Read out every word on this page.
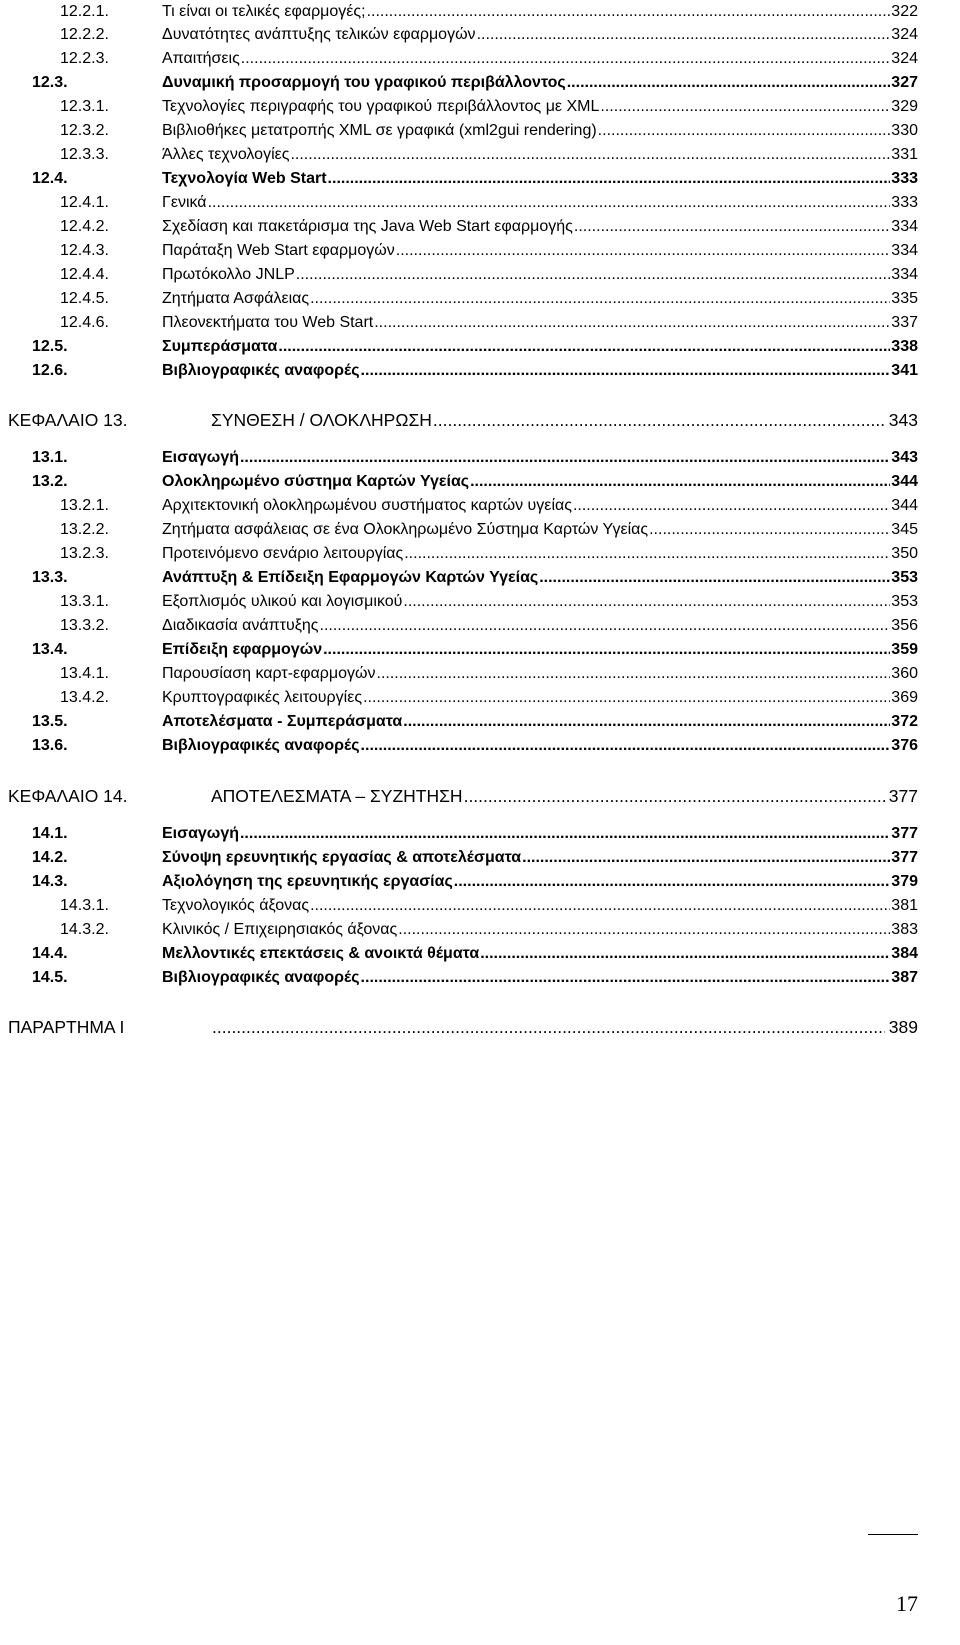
12.2.1.	Τι είναι οι τελικές εφαρμογές; .....	322
12.2.2.	Δυνατότητες ανάπτυξης τελικών εφαρμογών .....	324
12.2.3.	Απαιτήσεις .....	324
12.3.	Δυναμική προσαρμογή του γραφικού περιβάλλοντος .....	327
12.3.1.	Τεχνολογίες περιγραφής του γραφικού περιβάλλοντος με XML .....	329
12.3.2.	Βιβλιοθήκες μετατροπής XML σε γραφικά (xml2gui rendering) .....	330
12.3.3.	Άλλες τεχνολογίες .....	331
12.4.	Τεχνολογία Web Start .....	333
12.4.1.	Γενικά .....	333
12.4.2.	Σχεδίαση και πακετάρισμα της Java Web Start εφαρμογής .....	334
12.4.3.	Παράταξη Web Start εφαρμογών .....	334
12.4.4.	Πρωτόκολλο JNLP .....	334
12.4.5.	Ζητήματα Ασφάλειας .....	335
12.4.6.	Πλεονεκτήματα του Web Start .....	337
12.5.	Συμπεράσματα .....	338
12.6.	Βιβλιογραφικές αναφορές .....	341
ΚΕΦΑΛΑΙΟ 13.	ΣΥΝΘΕΣΗ / ΟΛΟΚΛΗΡΩΣΗ .....	343
13.1.	Εισαγωγή .....	343
13.2.	Ολοκληρωμένο σύστημα Καρτών Υγείας .....	344
13.2.1.	Αρχιτεκτονική ολοκληρωμένου συστήματος καρτών υγείας .....	344
13.2.2.	Ζητήματα ασφάλειας σε ένα Ολοκληρωμένο Σύστημα Καρτών Υγείας .....	345
13.2.3.	Προτεινόμενο σενάριο λειτουργίας .....	350
13.3.	Ανάπτυξη & Επίδειξη Εφαρμογών Καρτών Υγείας .....	353
13.3.1.	Εξοπλισμός υλικού και λογισμικού .....	353
13.3.2.	Διαδικασία ανάπτυξης .....	356
13.4.	Επίδειξη εφαρμογών .....	359
13.4.1.	Παρουσίαση καρτ-εφαρμογών .....	360
13.4.2.	Κρυπτογραφικές λειτουργίες .....	369
13.5.	Αποτελέσματα - Συμπεράσματα .....	372
13.6.	Βιβλιογραφικές αναφορές .....	376
ΚΕΦΑΛΑΙΟ 14.	ΑΠΟΤΕΛΕΣΜΑΤΑ – ΣΥΖΗΤΗΣΗ .....	377
14.1.	Εισαγωγή .....	377
14.2.	Σύνοψη ερευνητικής εργασίας & αποτελέσματα .....	377
14.3.	Αξιολόγηση της ερευνητικής εργασίας .....	379
14.3.1.	Τεχνολογικός άξονας .....	381
14.3.2.	Κλινικός / Επιχειρησιακός άξονας .....	383
14.4.	Μελλοντικές επεκτάσεις & ανοικτά θέματα .....	384
14.5.	Βιβλιογραφικές αναφορές .....	387
ΠΑΡΑΡΤΗΜΑ Ι .....	389
17
